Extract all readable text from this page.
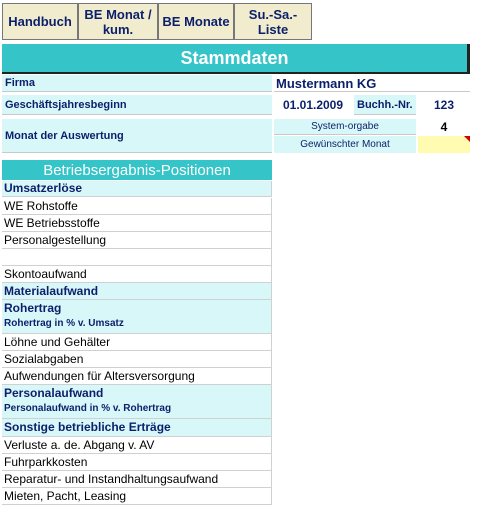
Handbuch BE Monat /
kum.	BE Monate	Su.-Sa.-
Liste
Stammdaten
Firma	Mustermann KG
Geschäftsjahresbeginn	01.01.2009	Buchh.-Nr.	123
Monat der Auswertung
System-orgabe	4
Gewünschter Monat
Betriebsergabnis-Positionen
Umsatzerlöse
WE Rohstoffe
WE Betriebsstoffe
Personalgestellung
Skontoaufwand
Materialaufwand
Rohertrag
Rohertrag in % v. Umsatz
Löhne und Gehälter
Sozialabgaben
Aufwendungen für Altersversorgung
Personalaufwand
Personalaufwand in % v. Rohertrag
Sonstige betriebliche Erträge
Verluste a. de. Abgang v. AV
Fuhrparkkosten
Reparatur- und Instandhaltungsaufwand
Mieten, Pacht, Leasing
